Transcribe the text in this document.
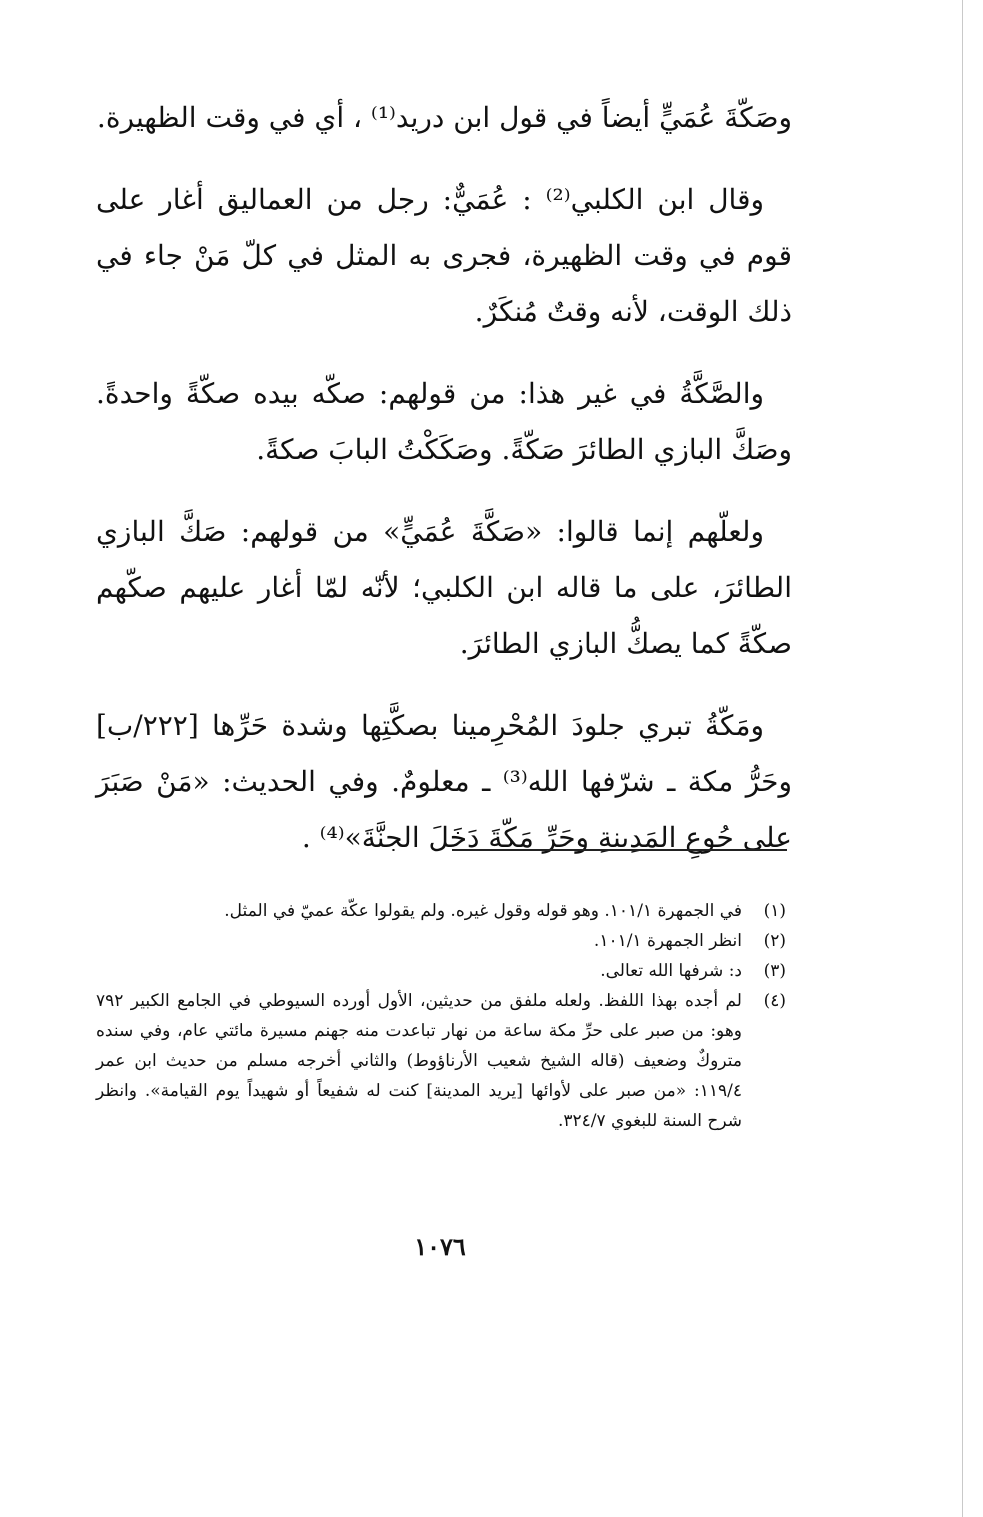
وصَكّةَ عُمَيٍّ أيضاً في قول ابن دريد⁽¹⁾ ، أي في وقت الظهيرة.

وقال ابن الكلبي⁽²⁾ : عُمَيٌّ: رجل من العماليق أغار على قوم في وقت الظهيرة، فجرى به المثل في كلّ مَنْ جاء في ذلك الوقت، لأنه وقتٌ مُنكَرٌ.

والصَّكَّةُ في غير هذا: من قولهم: صكّه بيده صكّةً واحدةً. وصَكَّ البازي الطائرَ صَكّةً. وصَكَكْتُ البابَ صكةً.

ولعلّهم إنما قالوا: «صَكَّةَ عُمَيٍّ» من قولهم: صَكَّ البازي الطائرَ، على ما قاله ابن الكلبي؛ لأنّه لمّا أغار عليهم صكّهم صكّةً كما يصكُّ البازي الطائرَ.

ومَكّةُ تبري جلودَ المُحْرِمينا بصكَّتِها وشدة حَرِّها [٢٢٢/ب] وحَرُّ مكة ـ شرّفها الله⁽³⁾ ـ معلومٌ. وفي الحديث: «مَنْ صَبَرَ على جُوعِ المَدِينةِ وحَرِّ مَكّةَ دَخَلَ الجنَّةَ»⁽⁴⁾ .

(١)
في الجمهرة ١٠١/١. وهو قوله وقول غيره. ولم يقولوا عكّة عميّ في المثل.
(٢)
انظر الجمهرة ١٠١/١.
(٣)
د: شرفها الله تعالى.
(٤)
لم أجده بهذا اللفظ. ولعله ملفق من حديثين، الأول أورده السيوطي في الجامع الكبير ٧٩٢ وهو: من صبر على حرِّ مكة ساعة من نهار تباعدت منه جهنم مسيرة مائتي عام، وفي سنده متروكٌ وضعيف (قاله الشيخ شعيب الأرناؤوط) والثاني أخرجه مسلم من حديث ابن عمر ١١٩/٤: «من صبر على لأوائها [يريد المدينة] كنت له شفيعاً أو شهيداً يوم القيامة». وانظر شرح السنة للبغوي ٣٢٤/٧.
١٠٧٦
